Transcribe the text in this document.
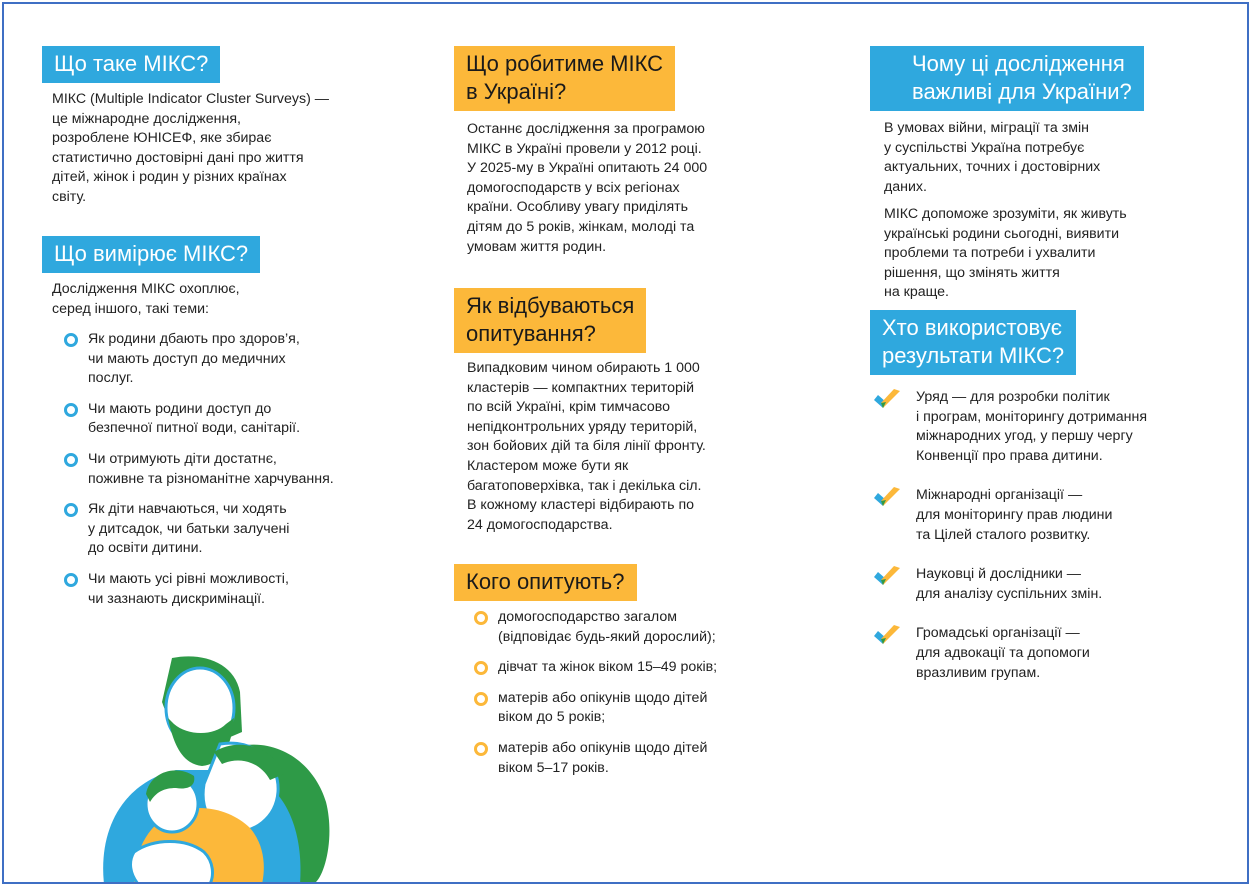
Що таке МІКС?
МІКС (Multiple Indicator Cluster Surveys) —
це міжнародне дослідження,
розроблене ЮНІСЕФ, яке збирає
статистично достовірні дані про життя
дітей, жінок і родин у різних країнах
світу.
Що вимірює МІКС?
Дослідження МІКС охоплює,
серед іншого, такі теми:
Як родини дбають про здоров’я,
чи мають доступ до медичних
послуг.
Чи мають родини доступ до
безпечної питної води, санітарії.
Чи отримують діти достатнє,
поживне та різноманітне харчування.
Як діти навчаються, чи ходять
у дитсадок, чи батьки залучені
до освіти дитини.
Чи мають усі рівні можливості,
чи зазнають дискримінації.
Що робитиме МІКС
в Україні?
Останнє дослідження за програмою
МІКС в Україні провели у 2012 році.
У 2025-му в Україні опитають 24 000
домогосподарств у всіх регіонах
країни. Особливу увагу приділять
дітям до 5 років, жінкам, молоді та
умовам життя родин.
Як відбуваються
опитування?
Випадковим чином обирають 1 000
кластерів — компактних територій
по всій Україні, крім тимчасово
непідконтрольних уряду територій,
зон бойових дій та біля лінії фронту.
Кластером може бути як
багатоповерхівка, так і декілька сіл.
В кожному кластері відбирають по
24 домогосподарства.
Кого опитують?
домогосподарство загалом
(відповідає будь-який дорослий);
дівчат та жінок віком 15–49 років;
матерів або опікунів щодо дітей
віком до 5 років;
матерів або опікунів щодо дітей
віком 5–17 років.
Чому ці дослідження
важливі для України?
В умовах війни, міграції та змін
у суспільстві Україна потребує
актуальних, точних і достовірних
даних.
МІКС допоможе зрозуміти, як живуть
українські родини сьогодні, виявити
проблеми та потреби і ухвалити
рішення, що змінять життя
на краще.
Хто використовує
результати МІКС?
Уряд — для розробки політик
і програм, моніторингу дотримання
міжнародних угод, у першу чергу
Конвенції про права дитини.
Міжнародні організації —
для моніторингу прав людини
та Цілей сталого розвитку.
Науковці й дослідники —
для аналізу суспільних змін.
Громадські організації —
для адвокації та допомоги
вразливим групам.
